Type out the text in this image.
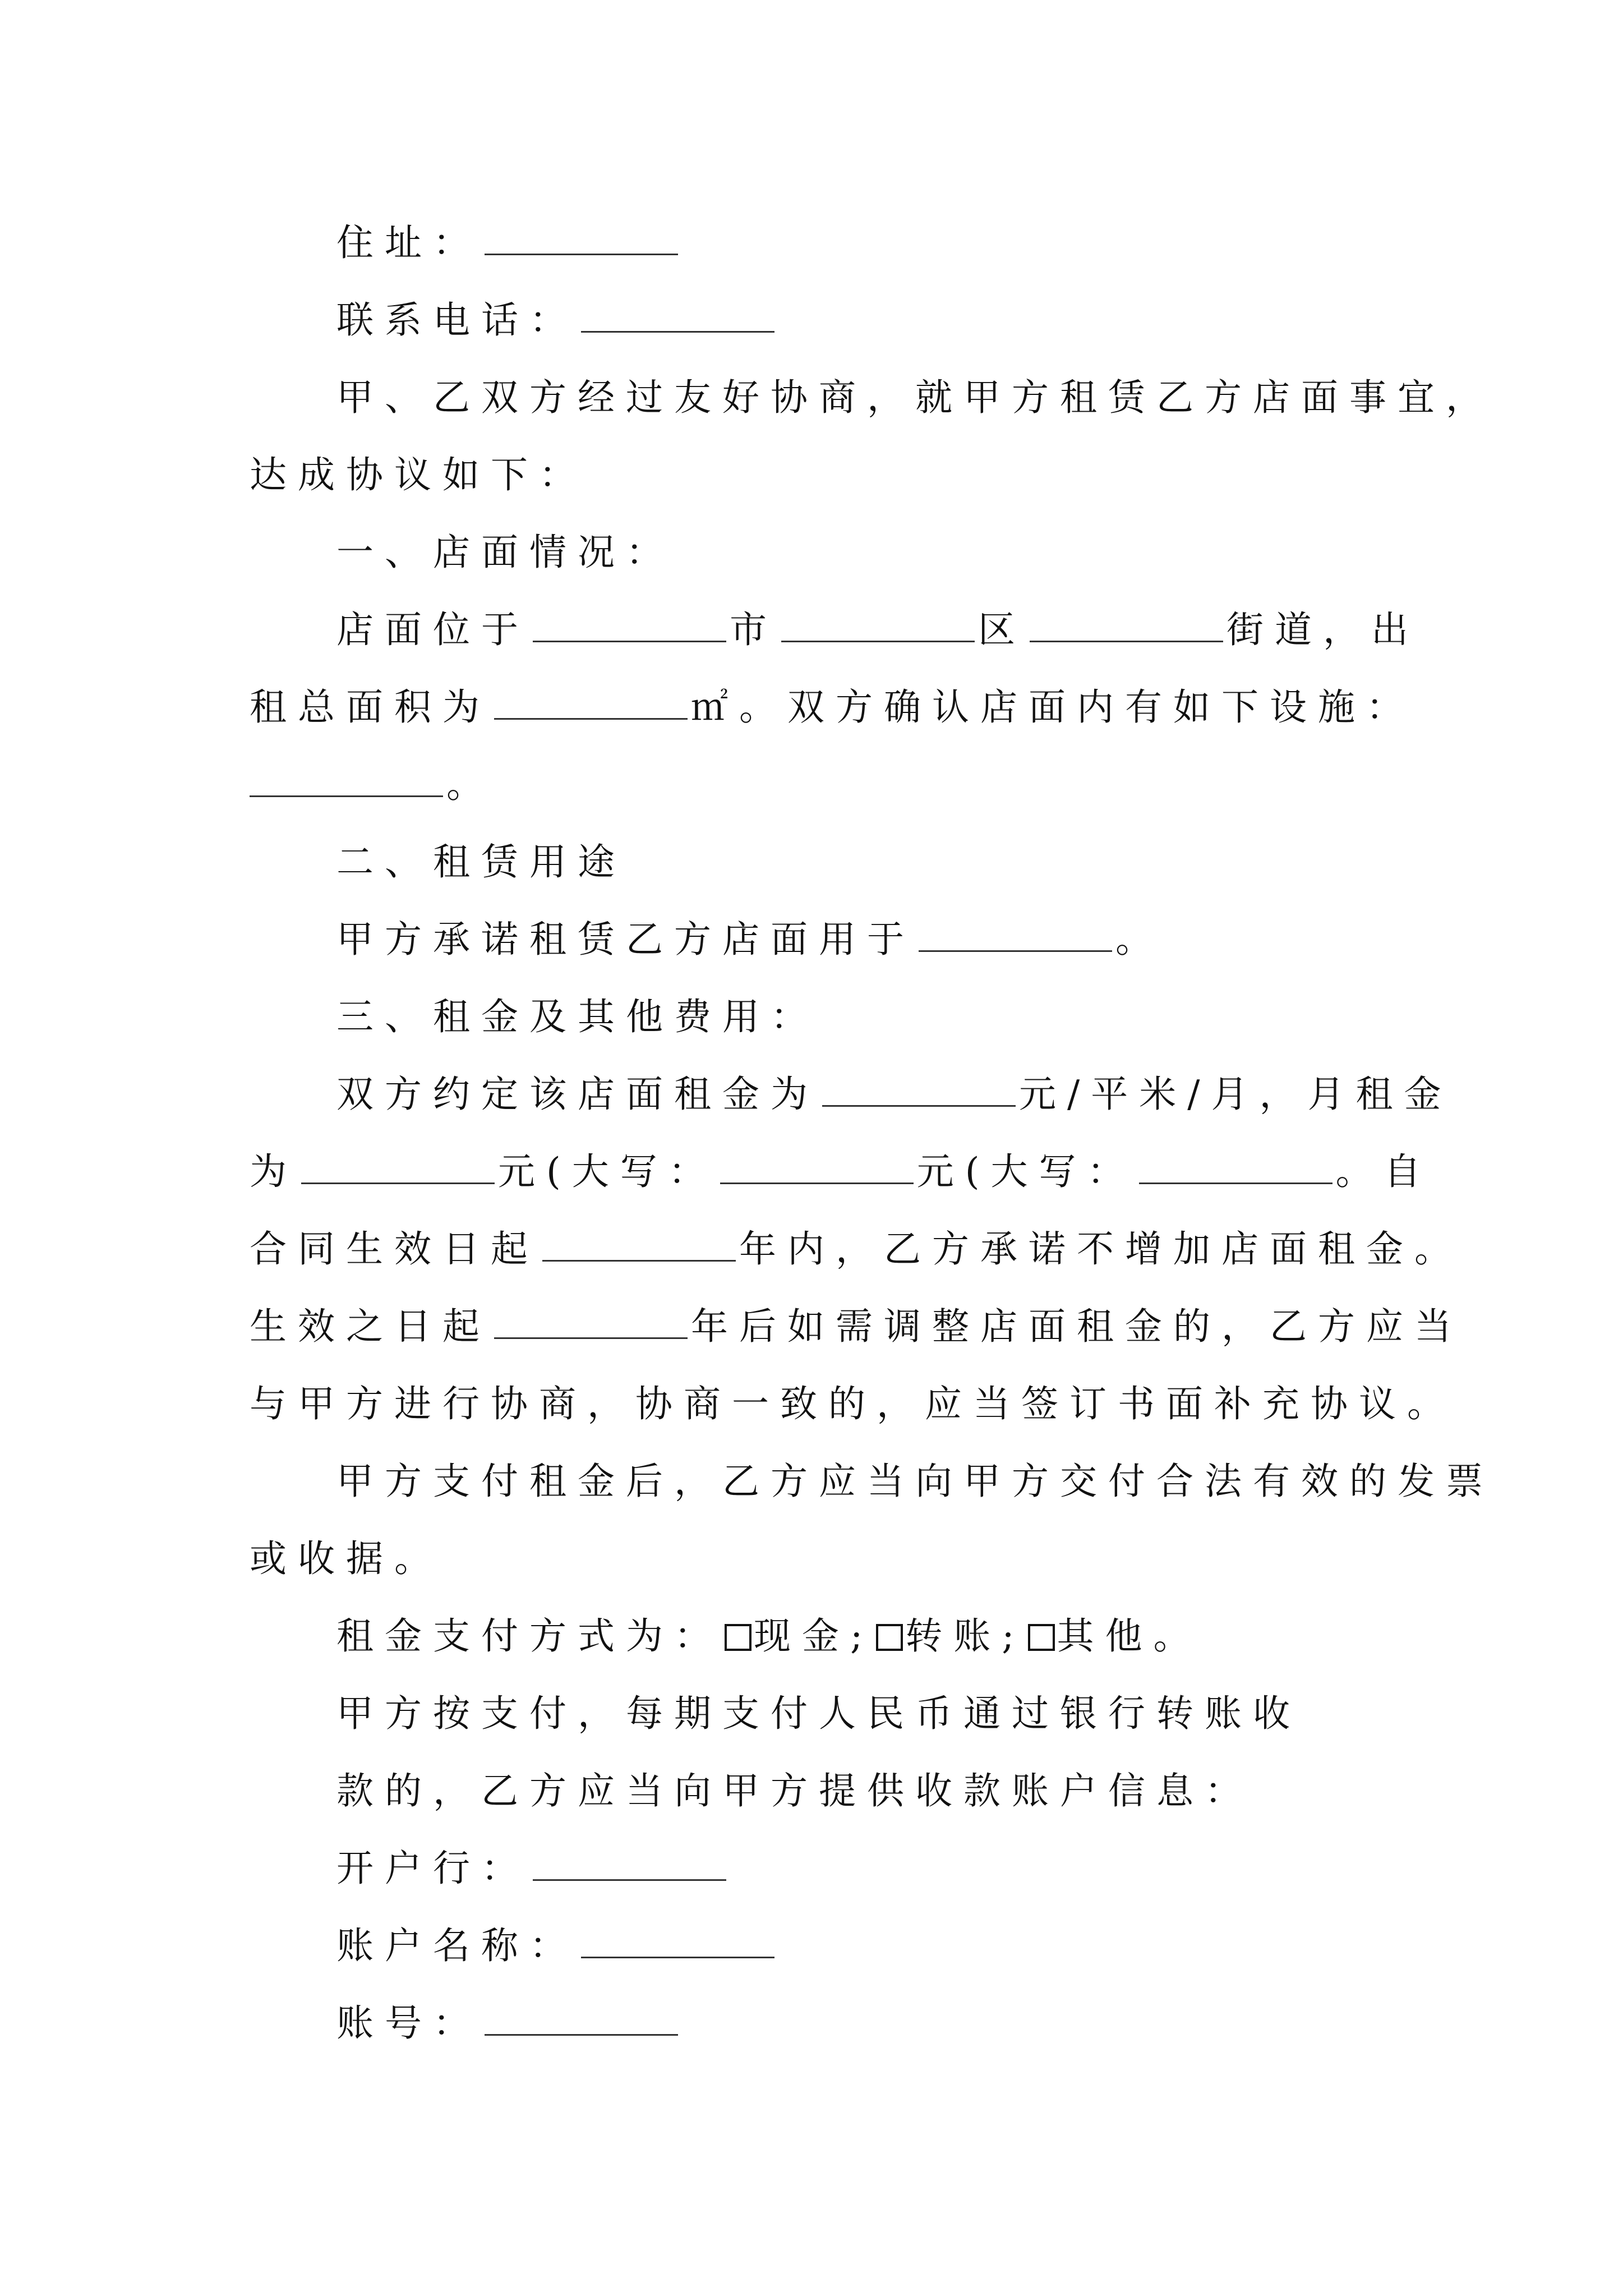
住址：
联系电话：
甲、乙双方经过友好协商，就甲方租赁乙方店面事宜，
达成协议如下：
一、店面情况：
店面位于	市	区	街道，出
租总面积为	㎡。双方确认店面内有如下设施：
。
二、租赁用途
甲方承诺租赁乙方店面用于	。
三、租金及其他费用：
双方约定该店面租金为	元/平米/月，月租金
为	元(大写：	元(大写：	。自
合同生效日起	年内，乙方承诺不增加店面租金。
生效之日起	年后如需调整店面租金的，乙方应当
与甲方进行协商，协商一致的，应当签订书面补充协议。
甲方支付租金后，乙方应当向甲方交付合法有效的发票
或收据。
租金支付方式为： 现金; 转账; 其他。
甲方按支付，每期支付人民币通过银行转账收
款的，乙方应当向甲方提供收款账户信息：
开户行：
账户名称：
账号：
